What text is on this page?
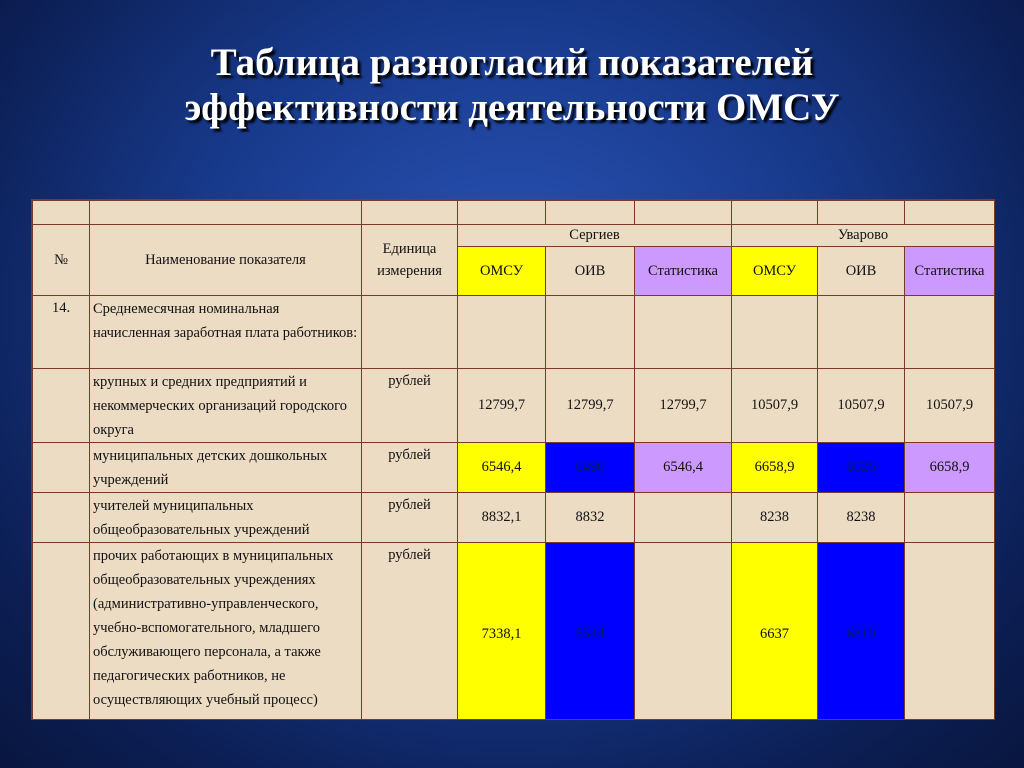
Таблица разногласий показателей
эффективности деятельности ОМСУ

№	Наименование показателя	Единица измерения	Сергиев			Уварово		
			ОМСУ	ОИВ	Статистика	ОМСУ	ОИВ	Статистика
14.	Среднемесячная номинальная начисленная заработная плата работников:							
	крупных и средних предприятий и некоммерческих организаций городского округа	рублей	12799,7	12799,7	12799,7	10507,9	10507,9	10507,9
	муниципальных детских дошкольных учреждений	рублей	6546,4	6490	6546,4	6658,9	6626	6658,9
	учителей муниципальных общеобразовательных учреждений	рублей	8832,1	8832		8238	8238	
	прочих работающих в муниципальных общеобразовательных учреждениях (административно-управленческого, учебно-вспомогательного, младшего обслуживающего персонала, а также педагогических работников, не осуществляющих учебный процесс)	рублей	7338,1	5544		6637	6810	
